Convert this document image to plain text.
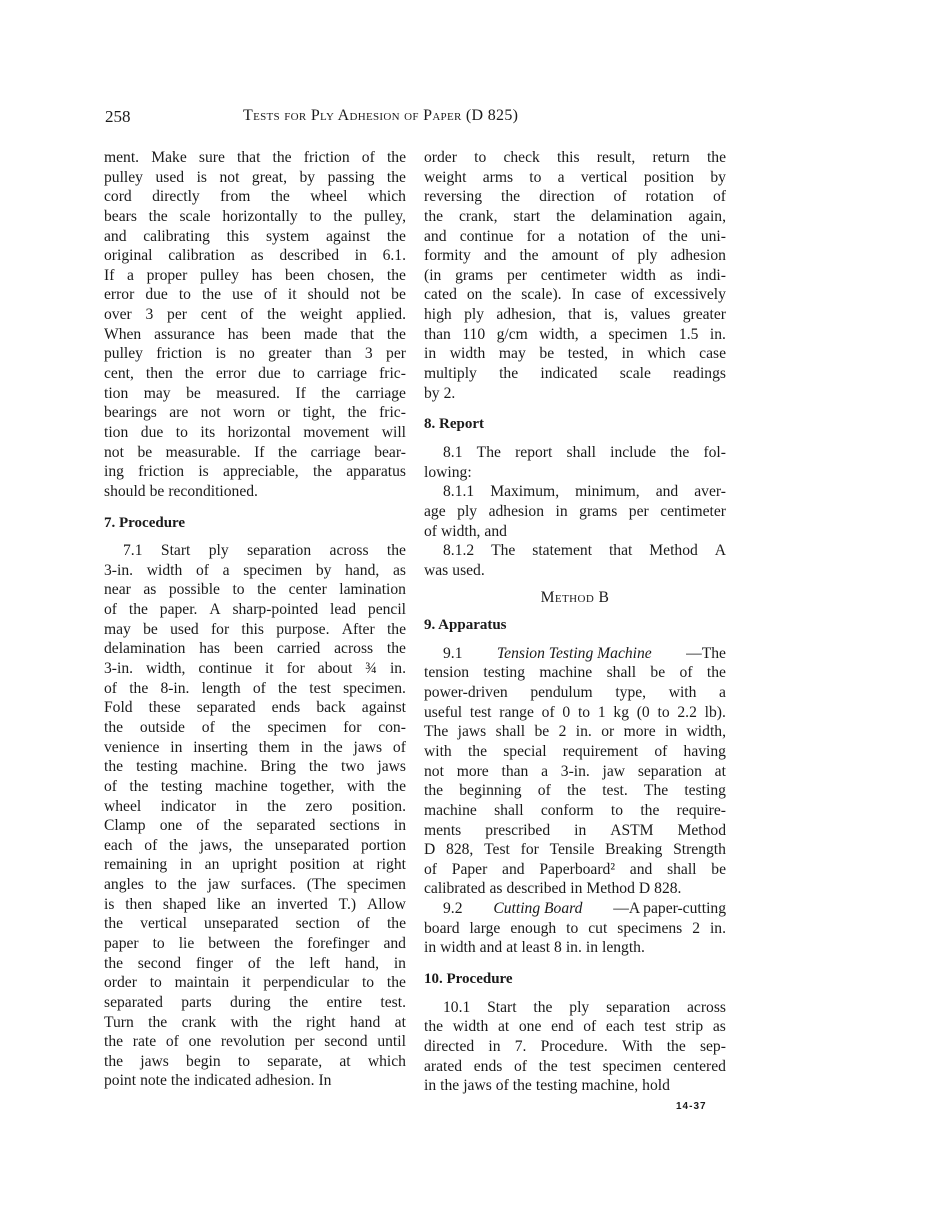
258	Tests for Ply Adhesion of Paper (D 825)
ment. Make sure that the friction of the
pulley used is not great, by passing the
cord directly from the wheel which
bears the scale horizontally to the pulley,
and calibrating this system against the
original calibration as described in 6.1.
If a proper pulley has been chosen, the
error due to the use of it should not be
over 3 per cent of the weight applied.
When assurance has been made that the
pulley friction is no greater than 3 per
cent, then the error due to carriage fric-
tion may be measured. If the carriage
bearings are not worn or tight, the fric-
tion due to its horizontal movement will
not be measurable. If the carriage bear-
ing friction is appreciable, the apparatus
should be reconditioned.
7. Procedure
7.1 Start ply separation across the
3-in. width of a specimen by hand, as
near as possible to the center lamination
of the paper. A sharp-pointed lead pencil
may be used for this purpose. After the
delamination has been carried across the
3-in. width, continue it for about ¾ in.
of the 8-in. length of the test specimen.
Fold these separated ends back against
the outside of the specimen for con-
venience in inserting them in the jaws of
the testing machine. Bring the two jaws
of the testing machine together, with the
wheel indicator in the zero position.
Clamp one of the separated sections in
each of the jaws, the unseparated portion
remaining in an upright position at right
angles to the jaw surfaces. (The specimen
is then shaped like an inverted T.) Allow
the vertical unseparated section of the
paper to lie between the forefinger and
the second finger of the left hand, in
order to maintain it perpendicular to the
separated parts during the entire test.
Turn the crank with the right hand at
the rate of one revolution per second until
the jaws begin to separate, at which
point note the indicated adhesion. In
order to check this result, return the
weight arms to a vertical position by
reversing the direction of rotation of
the crank, start the delamination again,
and continue for a notation of the uni-
formity and the amount of ply adhesion
(in grams per centimeter width as indi-
cated on the scale). In case of excessively
high ply adhesion, that is, values greater
than 110 g/cm width, a specimen 1.5 in.
in width may be tested, in which case
multiply the indicated scale readings
by 2.
8. Report
8.1 The report shall include the fol-
lowing:
8.1.1 Maximum, minimum, and aver-
age ply adhesion in grams per centimeter
of width, and
8.1.2 The statement that Method A
was used.
Method B
9. Apparatus
9.1 Tension Testing Machine —The
tension testing machine shall be of the
power-driven pendulum type, with a
useful test range of 0 to 1 kg (0 to 2.2 lb).
The jaws shall be 2 in. or more in width,
with the special requirement of having
not more than a 3-in. jaw separation at
the beginning of the test. The testing
machine shall conform to the require-
ments prescribed in ASTM Method
D 828, Test for Tensile Breaking Strength
of Paper and Paperboard² and shall be
calibrated as described in Method D 828.
9.2 Cutting Board —A paper-cutting
board large enough to cut specimens 2 in.
in width and at least 8 in. in length.
10. Procedure
10.1 Start the ply separation across
the width at one end of each test strip as
directed in 7. Procedure. With the sep-
arated ends of the test specimen centered
in the jaws of the testing machine, hold
14-37
